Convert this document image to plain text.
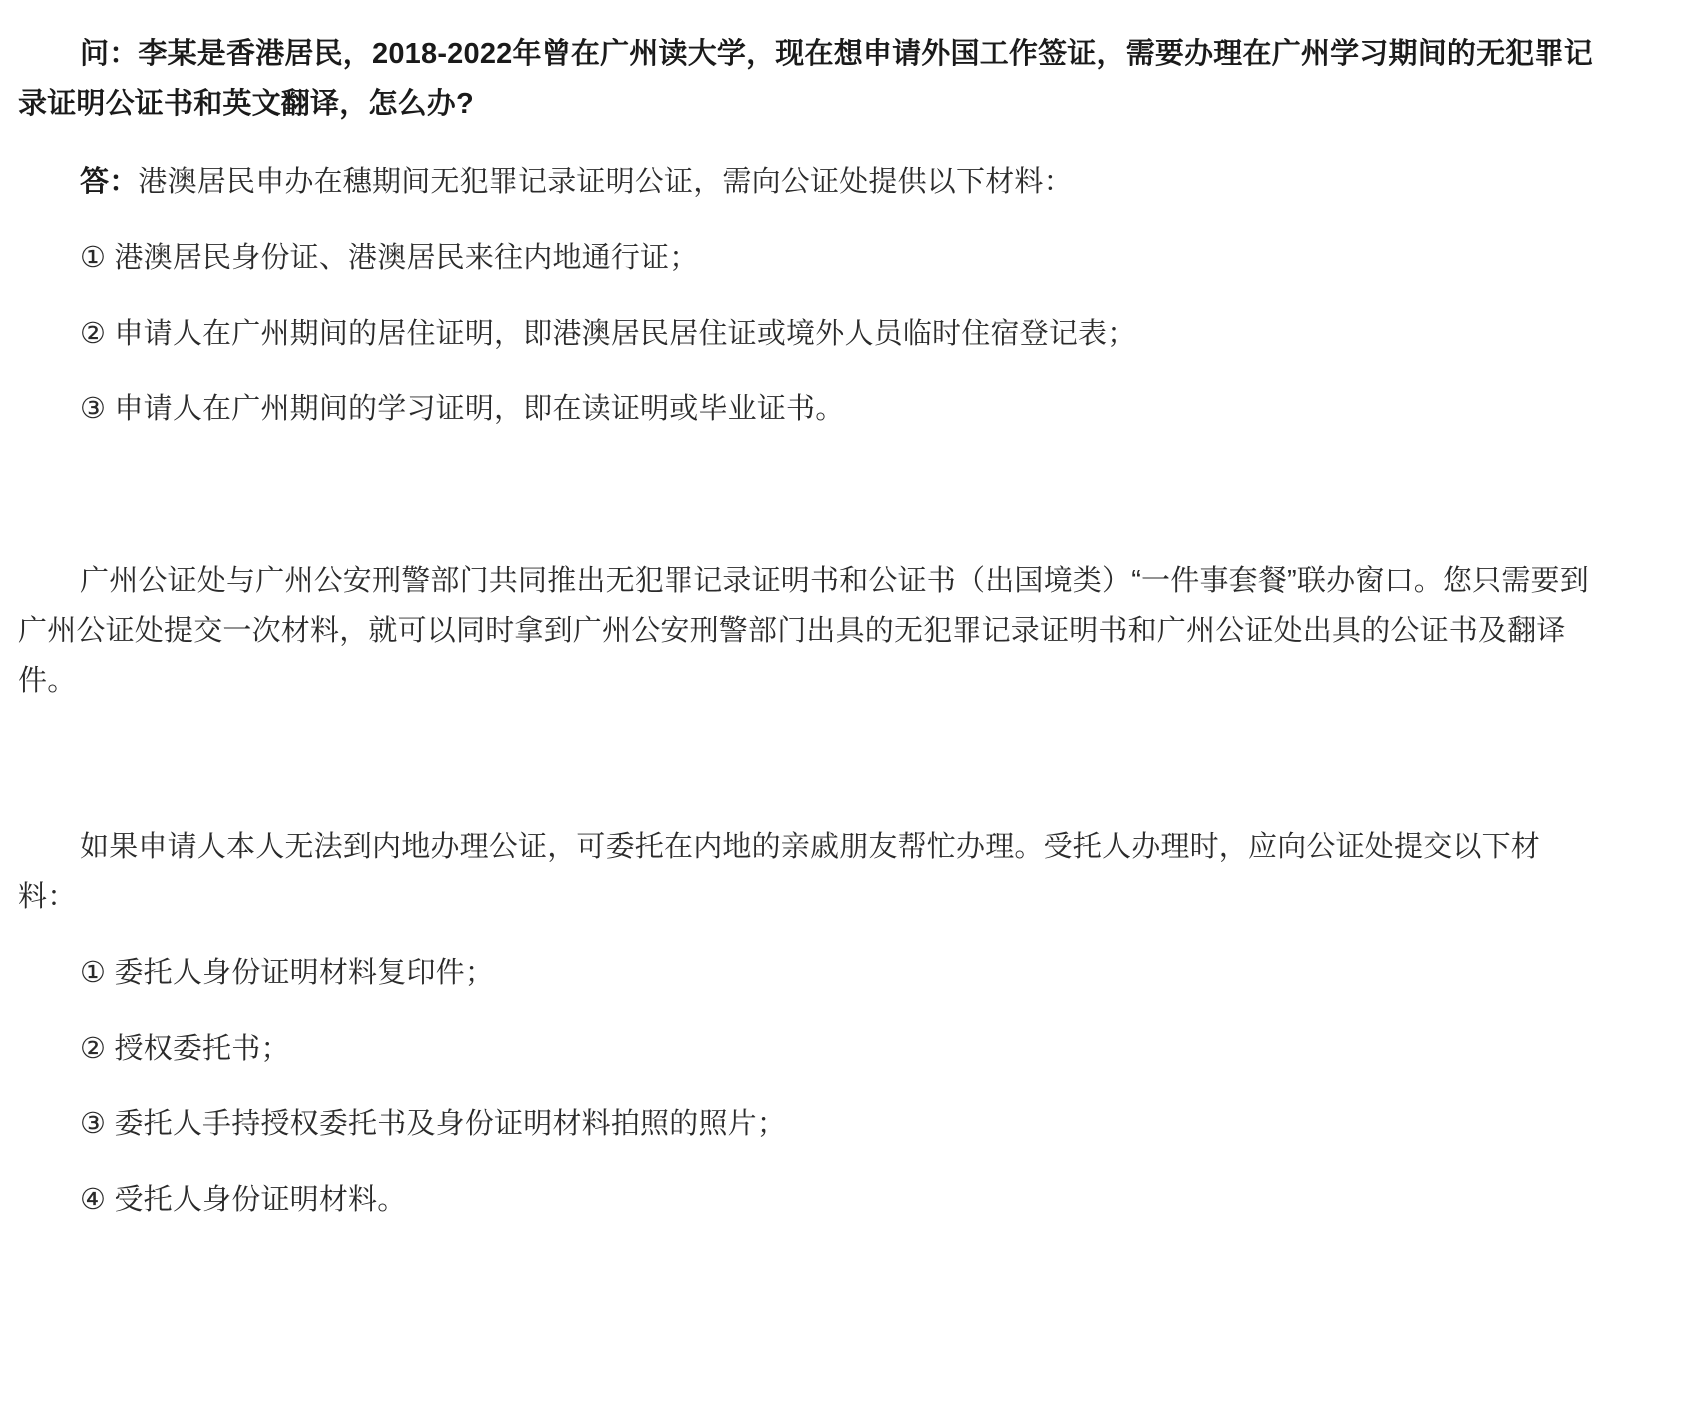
问：李某是香港居民，2018-2022年曾在广州读大学，现在想申请外国工作签证，需要办理在广州学习期间的无犯罪记录证明公证书和英文翻译，怎么办?

答：港澳居民申办在穗期间无犯罪记录证明公证，需向公证处提供以下材料：

① 港澳居民身份证、港澳居民来往内地通行证；

② 申请人在广州期间的居住证明，即港澳居民居住证或境外人员临时住宿登记表；

③ 申请人在广州期间的学习证明，即在读证明或毕业证书。

广州公证处与广州公安刑警部门共同推出无犯罪记录证明书和公证书（出国境类）“一件事套餐”联办窗口。您只需要到广州公证处提交一次材料，就可以同时拿到广州公安刑警部门出具的无犯罪记录证明书和广州公证处出具的公证书及翻译件。

如果申请人本人无法到内地办理公证，可委托在内地的亲戚朋友帮忙办理。受托人办理时，应向公证处提交以下材料：

① 委托人身份证明材料复印件；

② 授权委托书；

③ 委托人手持授权委托书及身份证明材料拍照的照片；

④ 受托人身份证明材料。
